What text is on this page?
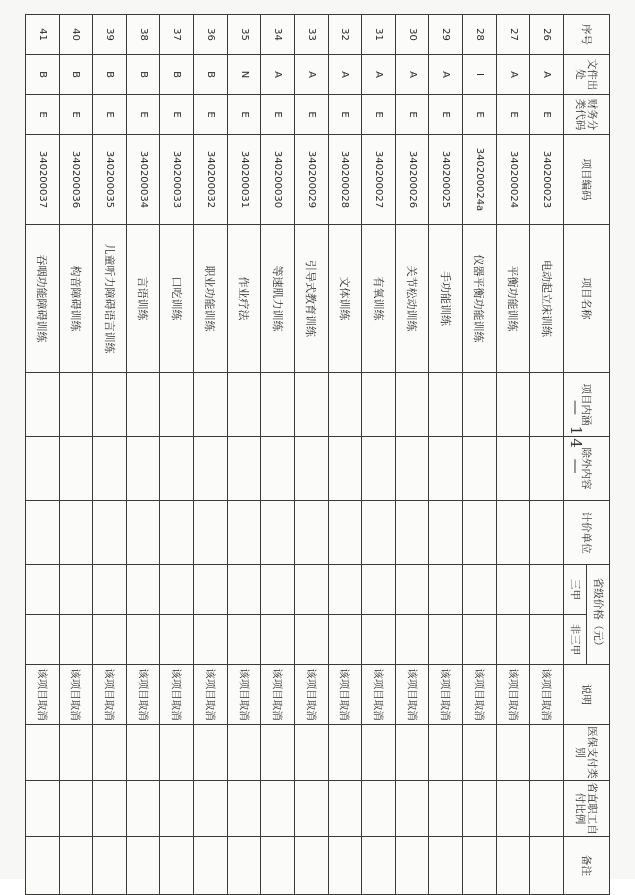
序号	文件出处	财务分类代码	项目编码	项目名称	项目内涵	除外内容	计价单位	省级价格（元）		说明	医保支付类别	省直职工自付比例	备注
								三甲	非三甲				
26	A	E	340200023	电动起立床训练						该项目取消			
27	A	E	340200024	平衡功能训练						该项目取消			
28	I	E	340200024a	仪器平衡功能训练						该项目取消			
29	A	E	340200025	手功能训练						该项目取消			
30	A	E	340200026	关节松动训练						该项目取消			
31	A	E	340200027	有氧训练						该项目取消			
32	A	E	340200028	文体训练						该项目取消			
33	A	E	340200029	引导式教育训练						该项目取消			
34	A	E	340200030	等速肌力训练						该项目取消			
35	N	E	340200031	作业疗法						该项目取消			
36	B	E	340200032	职业功能训练						该项目取消			
37	B	E	340200033	口吃训练						该项目取消			
38	B	E	340200034	言语训练						该项目取消			
39	B	E	340200035	儿童听力障碍语言训练						该项目取消			
40	B	E	340200036	构音障碍训练						该项目取消			
41	B	E	340200037	吞咽功能障碍训练						该项目取消			
— 14 —
